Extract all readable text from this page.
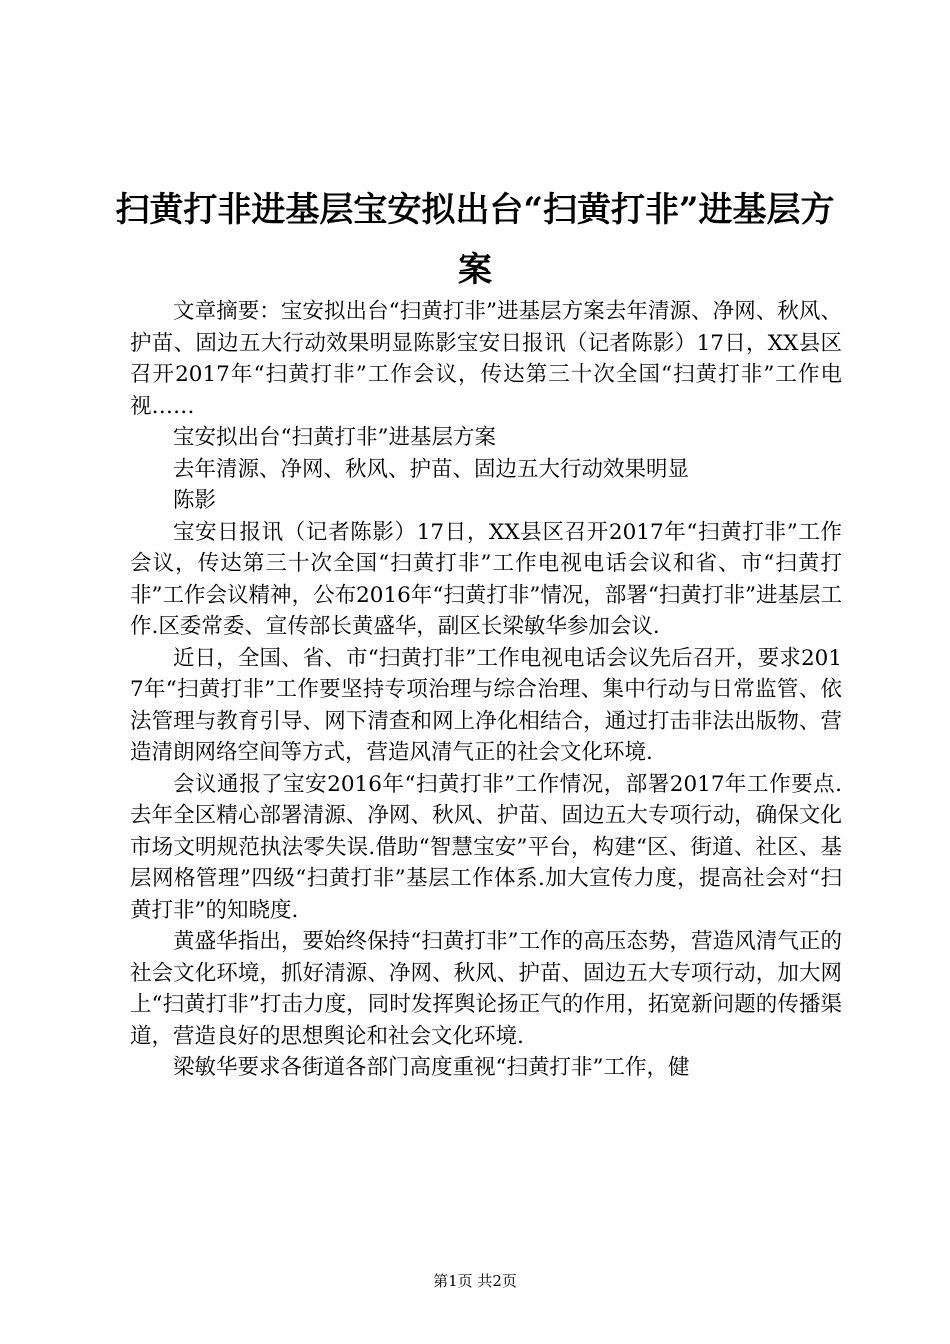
扫黄打非进基层宝安拟出台“扫黄打非”进基层方案

文章摘要：宝安拟出台“扫黄打非”进基层方案去年清源、净网、秋风、护苗、固边五大行动效果明显陈影宝安日报讯（记者陈影）17日，XX县区召开2017年“扫黄打非”工作会议，传达第三十次全国“扫黄打非”工作电视……

宝安拟出台“扫黄打非”进基层方案

去年清源、净网、秋风、护苗、固边五大行动效果明显

陈影

宝安日报讯（记者陈影）17日，XX县区召开2017年“扫黄打非”工作会议，传达第三十次全国“扫黄打非”工作电视电话会议和省、市“扫黄打非”工作会议精神，公布2016年“扫黄打非”情况，部署“扫黄打非”进基层工作.区委常委、宣传部长黄盛华，副区长梁敏华参加会议.

近日，全国、省、市“扫黄打非”工作电视电话会议先后召开，要求2017年“扫黄打非”工作要坚持专项治理与综合治理、集中行动与日常监管、依法管理与教育引导、网下清查和网上净化相结合，通过打击非法出版物、营造清朗网络空间等方式，营造风清气正的社会文化环境.

会议通报了宝安2016年“扫黄打非”工作情况，部署2017年工作要点.去年全区精心部署清源、净网、秋风、护苗、固边五大专项行动，确保文化市场文明规范执法零失误.借助“智慧宝安”平台，构建“区、街道、社区、基层网格管理”四级“扫黄打非”基层工作体系.加大宣传力度，提高社会对“扫黄打非”的知晓度.

黄盛华指出，要始终保持“扫黄打非”工作的高压态势，营造风清气正的社会文化环境，抓好清源、净网、秋风、护苗、固边五大专项行动，加大网上“扫黄打非”打击力度，同时发挥舆论扬正气的作用，拓宽新问题的传播渠道，营造良好的思想舆论和社会文化环境.

梁敏华要求各街道各部门高度重视“扫黄打非”工作，健

第1页 共2页
